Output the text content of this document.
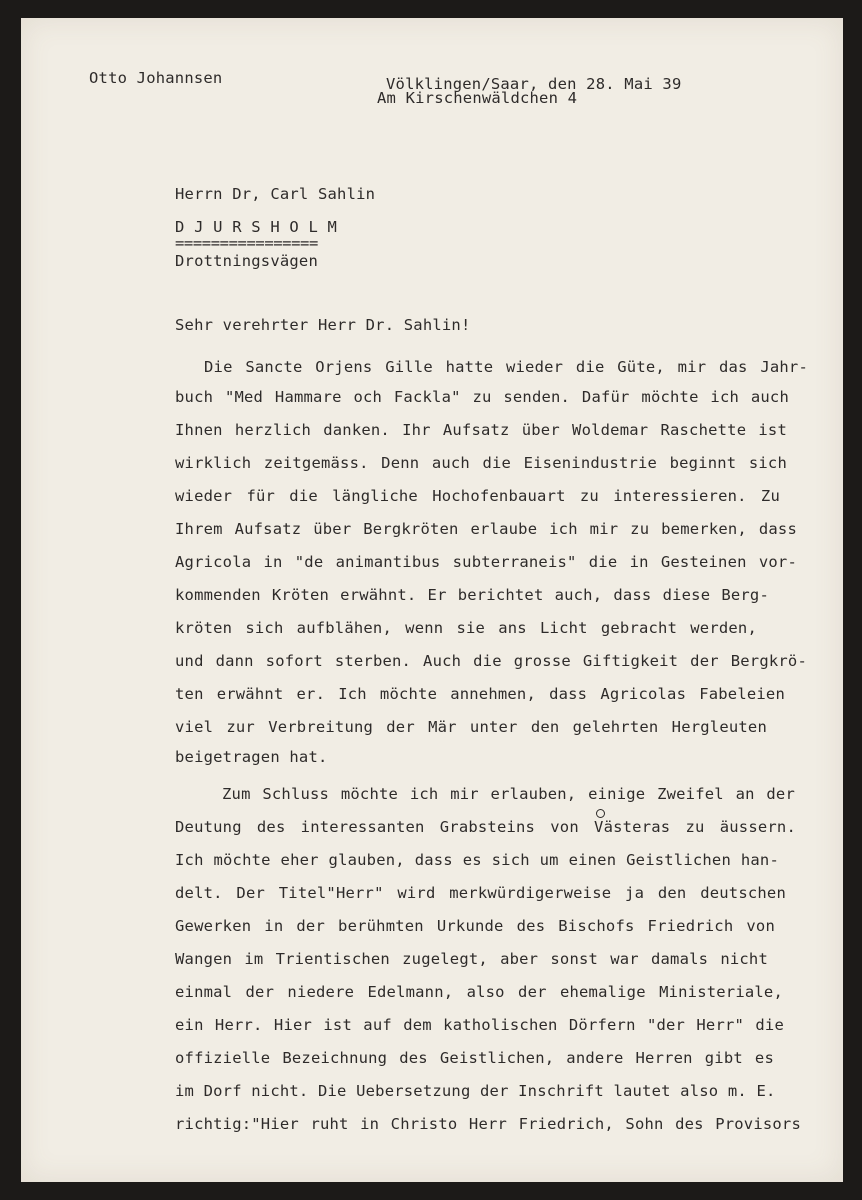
Otto Johannsen	Völklingen/Saar, den 28. Mai 39
Am Kirschenwäldchen 4
Herrn Dr, Carl Sahlin
D J U R S H O L M
================
Drottningsvägen
Sehr verehrter Herr Dr. Sahlin!
Die Sancte Orjens Gille hatte wieder die Güte, mir das Jahr-
buch "Med Hammare och Fackla" zu senden. Dafür möchte ich auch
Ihnen herzlich danken. Ihr Aufsatz über Woldemar Raschette ist
wirklich zeitgemäss. Denn auch die Eisenindustrie beginnt sich
wieder für die längliche Hochofenbauart zu interessieren. Zu
Ihrem Aufsatz über Bergkröten erlaube ich mir zu bemerken, dass
Agricola in "de animantibus subterraneis" die in Gesteinen vor-
kommenden Kröten erwähnt. Er berichtet auch, dass diese Berg-
kröten sich aufblähen, wenn sie ans Licht gebracht werden,
und dann sofort sterben. Auch die grosse Giftigkeit der Bergkrö-
ten erwähnt er. Ich möchte annehmen, dass Agricolas Fabeleien
viel zur Verbreitung der Mär unter den gelehrten Hergleuten
beigetragen hat.
Zum Schluss möchte ich mir erlauben, einige Zweifel an der
Deutung des interessanten Grabsteins von Västeras zu äussern.
Ich möchte eher glauben, dass es sich um einen Geistlichen han-
delt. Der Titel"Herr" wird merkwürdigerweise ja den deutschen
Gewerken in der berühmten Urkunde des Bischofs Friedrich von
Wangen im Trientischen zugelegt, aber sonst war damals nicht
einmal der niedere Edelmann, also der ehemalige Ministeriale,
ein Herr. Hier ist auf dem katholischen Dörfern "der Herr" die
offizielle Bezeichnung des Geistlichen, andere Herren gibt es
im Dorf nicht. Die Uebersetzung der Inschrift lautet also m. E.
richtig:"Hier ruht in Christo Herr Friedrich, Sohn des Provisors
